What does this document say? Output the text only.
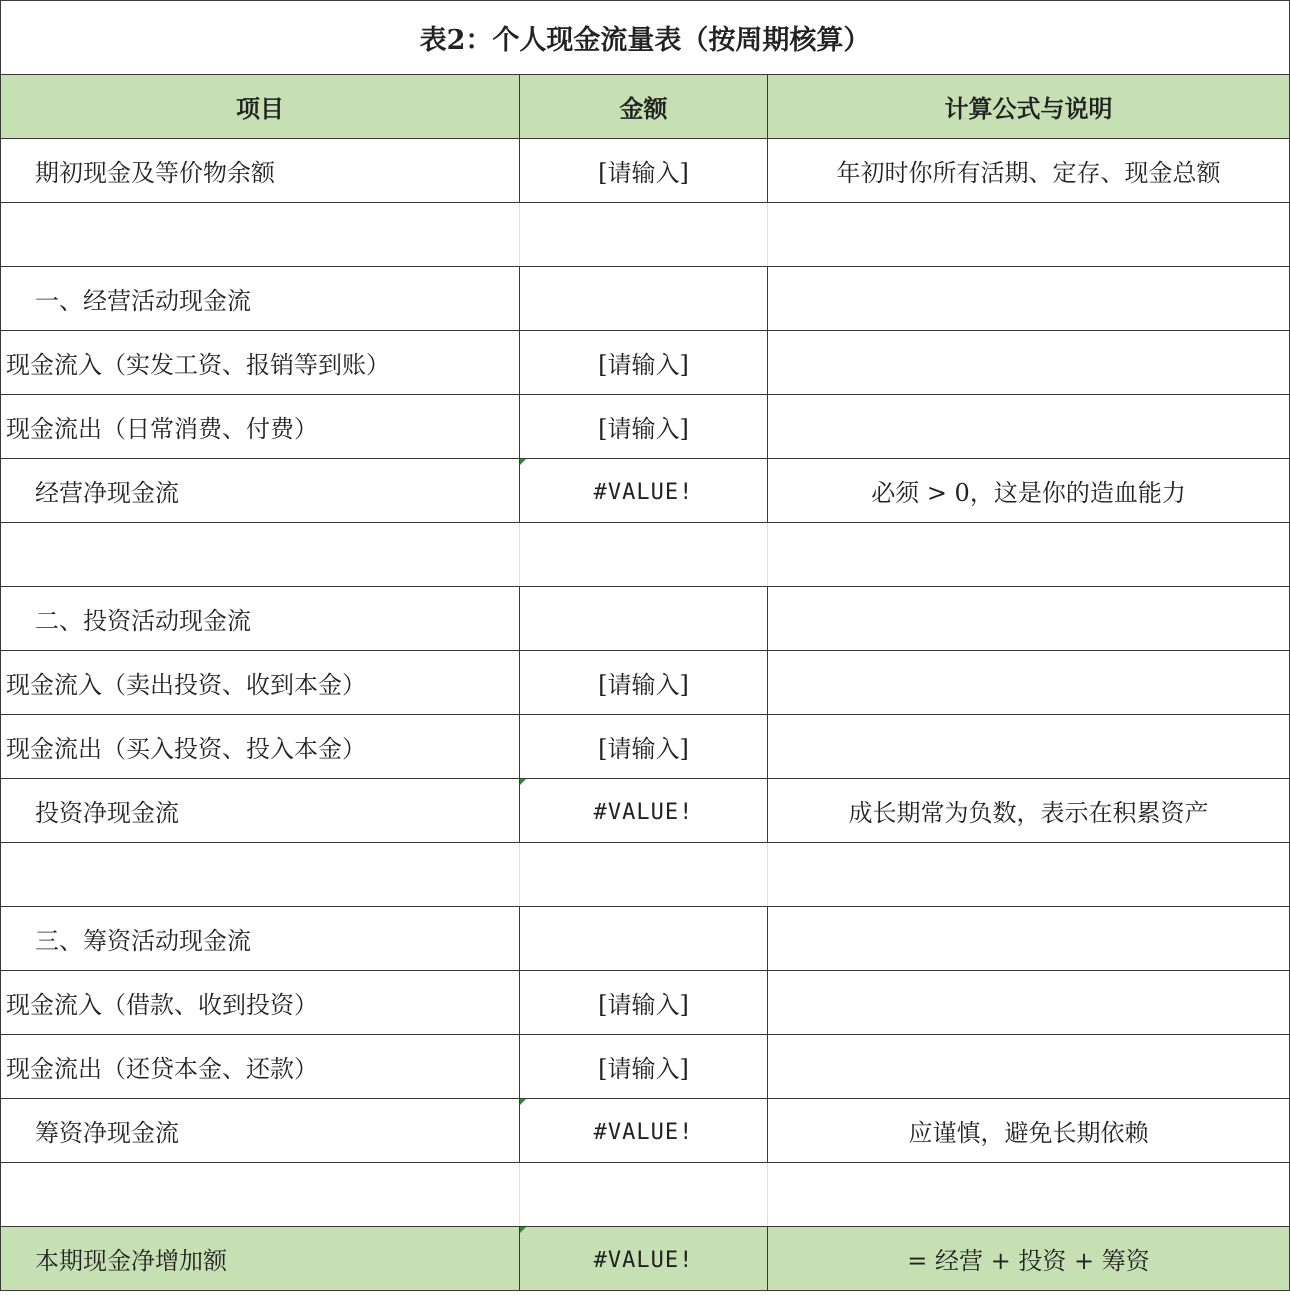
表2：个人现金流量表（按周期核算）		
项目	金额	计算公式与说明
期初现金及等价物余额	[请输入]	年初时你所有活期、定存、现金总额

一、经营活动现金流		
现金流入（实发工资、报销等到账）	[请输入]	
现金流出（日常消费、付费）	[请输入]	
经营净现金流	#VALUE!	必须 > 0，这是你的造血能力

二、投资活动现金流		
现金流入（卖出投资、收到本金）	[请输入]	
现金流出（买入投资、投入本金）	[请输入]	
投资净现金流	#VALUE!	成长期常为负数，表示在积累资产

三、筹资活动现金流		
现金流入（借款、收到投资）	[请输入]	
现金流出（还贷本金、还款）	[请输入]	
筹资净现金流	#VALUE!	应谨慎，避免长期依赖

本期现金净增加额	#VALUE!	= 经营 + 投资 + 筹资
